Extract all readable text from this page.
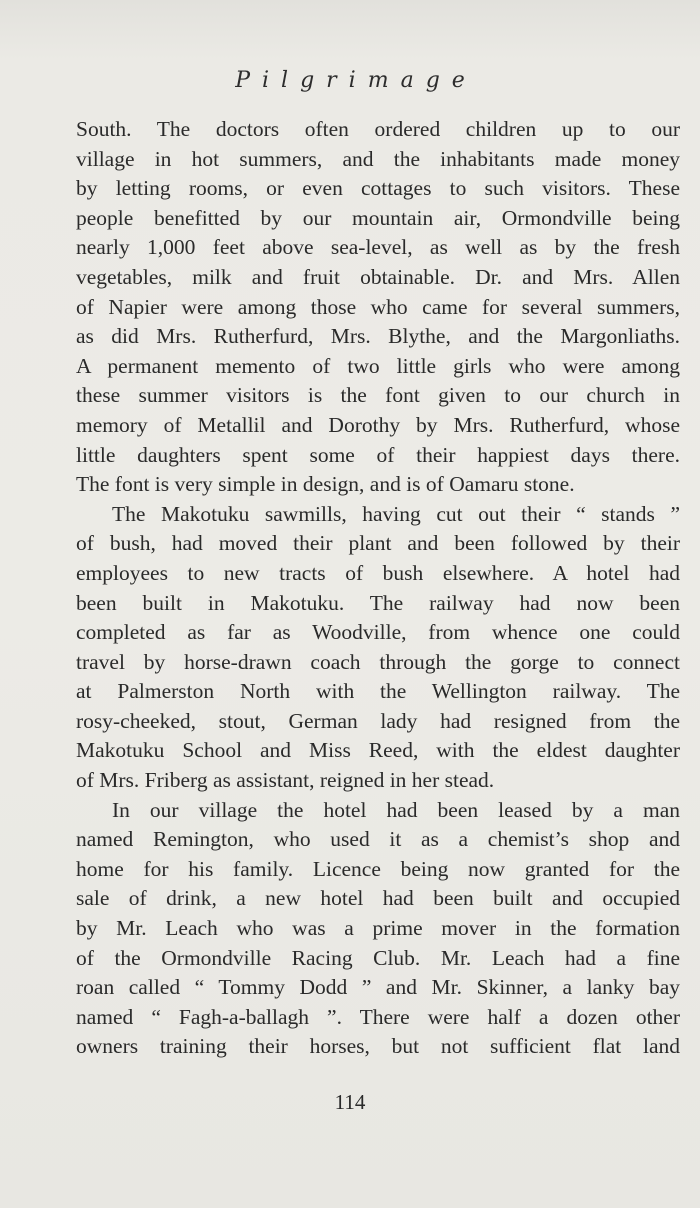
Pilgrimage
South. The doctors often ordered children up to our
village in hot summers, and the inhabitants made money
by letting rooms, or even cottages to such visitors. These
people benefitted by our mountain air, Ormondville being
nearly 1,000 feet above sea-level, as well as by the fresh
vegetables, milk and fruit obtainable. Dr. and Mrs. Allen
of Napier were among those who came for several summers,
as did Mrs. Rutherfurd, Mrs. Blythe, and the Margonliaths.
A permanent memento of two little girls who were among
these summer visitors is the font given to our church in
memory of Metallil and Dorothy by Mrs. Rutherfurd, whose
little daughters spent some of their happiest days there.
The font is very simple in design, and is of Oamaru stone.
The Makotuku sawmills, having cut out their “ stands ”
of bush, had moved their plant and been followed by their
employees to new tracts of bush elsewhere. A hotel had
been built in Makotuku. The railway had now been
completed as far as Woodville, from whence one could
travel by horse-drawn coach through the gorge to connect
at Palmerston North with the Wellington railway. The
rosy-cheeked, stout, German lady had resigned from the
Makotuku School and Miss Reed, with the eldest daughter
of Mrs. Friberg as assistant, reigned in her stead.
In our village the hotel had been leased by a man
named Remington, who used it as a chemist’s shop and
home for his family. Licence being now granted for the
sale of drink, a new hotel had been built and occupied
by Mr. Leach who was a prime mover in the formation
of the Ormondville Racing Club. Mr. Leach had a fine
roan called “ Tommy Dodd ” and Mr. Skinner, a lanky bay
named “ Fagh-a-ballagh ”. There were half a dozen other
owners training their horses, but not sufficient flat land
114
